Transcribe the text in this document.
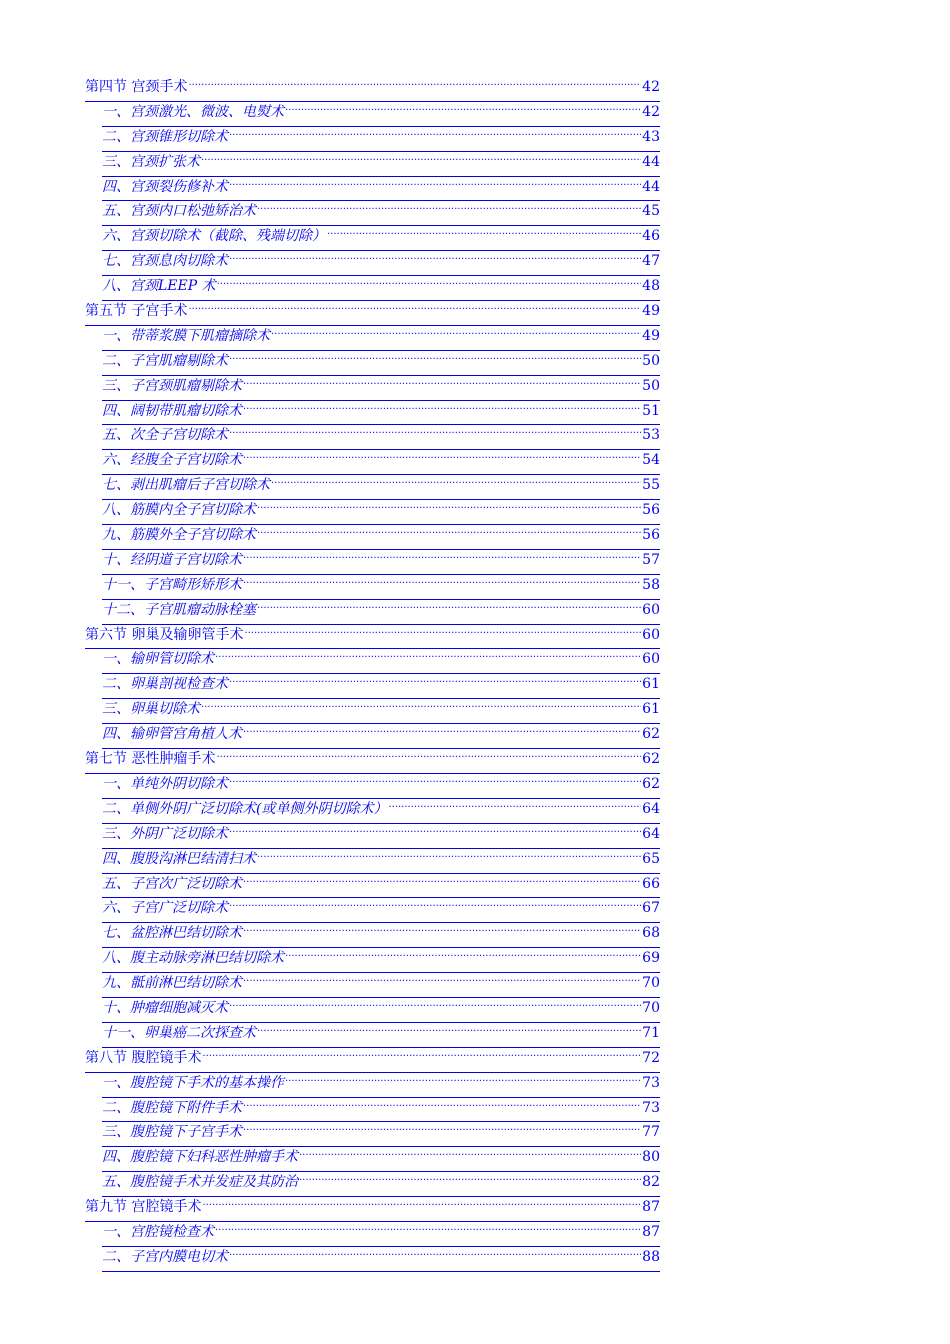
第四节 宫颈手术 .....	42
一、宫颈激光、微波、电熨术 .....	42
二、宫颈锥形切除术 .....	43
三、宫颈扩张术 .....	44
四、宫颈裂伤修补术 .....	44
五、宫颈内口松弛矫治术 .....	45
六、宫颈切除术（截除、残端切除） .....	46
七、宫颈息肉切除术 .....	47
八、宫颈LEEP 术 .....	48
第五节 子宫手术 .....	49
一、带蒂浆膜下肌瘤摘除术 .....	49
二、子宫肌瘤剔除术 .....	50
三、子宫颈肌瘤剔除术 .....	50
四、阔韧带肌瘤切除术 .....	51
五、次全子宫切除术 .....	53
六、经腹全子宫切除术 .....	54
七、剥出肌瘤后子宫切除术 .....	55
八、筋膜内全子宫切除术 .....	56
九、筋膜外全子宫切除术 .....	56
十、经阴道子宫切除术 .....	57
十一、子宫畸形矫形术 .....	58
十二、子宫肌瘤动脉栓塞 .....	60
第六节 卵巢及输卵管手术 .....	60
一、输卵管切除术 .....	60
二、卵巢剖视检查术 .....	61
三、卵巢切除术 .....	61
四、输卵管宫角植人术 .....	62
第七节 恶性肿瘤手术 .....	62
一、单纯外阴切除术 .....	62
二、单侧外阴广泛切除术(或单侧外阴切除术） .....	64
三、外阴广泛切除术 .....	64
四、腹股沟淋巴结清扫术 .....	65
五、子宫次广泛切除术 .....	66
六、子宫广泛切除术 .....	67
七、盆腔淋巴结切除术 .....	68
八、腹主动脉旁淋巴结切除术 .....	69
九、骶前淋巴结切除术 .....	70
十、肿瘤细胞减灭术 .....	70
十一、卵巢癌二次探查术 .....	71
第八节 腹腔镜手术 .....	72
一、腹腔镜下手术的基本操作 .....	73
二、腹腔镜下附件手术 .....	73
三、腹腔镜下子宫手术 .....	77
四、腹腔镜下妇科恶性肿瘤手术 .....	80
五、腹腔镜手术并发症及其防治 .....	82
第九节 宫腔镜手术 .....	87
一、宫腔镜检查术 .....	87
二、子宫内膜电切术 .....	88
